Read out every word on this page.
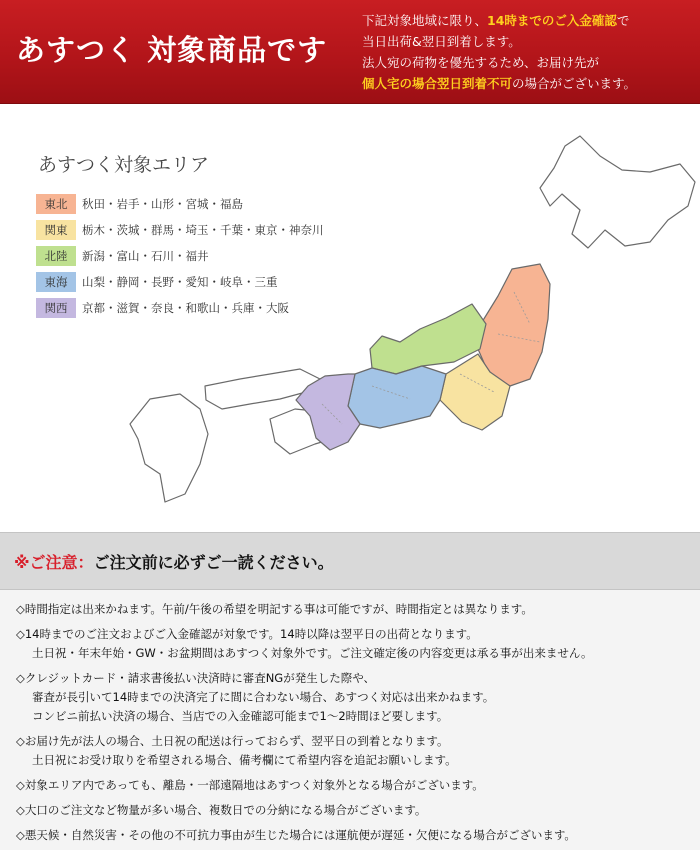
あすつく 対象商品です
下記対象地域に限り、14時までのご入金確認で
当日出荷&翌日到着します。
法人宛の荷物を優先するため、お届け先が
個人宅の場合翌日到着不可の場合がございます。
あすつく対象エリア
東北	秋田・岩手・山形・宮城・福島
関東	栃木・茨城・群馬・埼玉・千葉・東京・神奈川
北陸	新潟・富山・石川・福井
東海	山梨・静岡・長野・愛知・岐阜・三重
関西	京都・滋賀・奈良・和歌山・兵庫・大阪
※ご注意： ご注文前に必ずご一読ください。
◇時間指定は出来かねます。午前/午後の希望を明記する事は可能ですが、時間指定とは異なります。
◇14時までのご注文およびご入金確認が対象です。14時以降は翌平日の出荷となります。
土日祝・年末年始・GW・お盆期間はあすつく対象外です。ご注文確定後の内容変更は承る事が出来ません。
◇クレジットカード・請求書後払い決済時に審査NGが発生した際や、
審査が長引いて14時までの決済完了に間に合わない場合、あすつく対応は出来かねます。
コンビニ前払い決済の場合、当店での入金確認可能まで1～2時間ほど要します。
◇お届け先が法人の場合、土日祝の配送は行っておらず、翌平日の到着となります。
土日祝にお受け取りを希望される場合、備考欄にて希望内容を追記お願いします。
◇対象エリア内であっても、離島・一部遠隔地はあすつく対象外となる場合がございます。
◇大口のご注文など物量が多い場合、複数日での分納になる場合がございます。
◇悪天候・自然災害・その他の不可抗力事由が生じた場合には運航便が遅延・欠便になる場合がございます。
